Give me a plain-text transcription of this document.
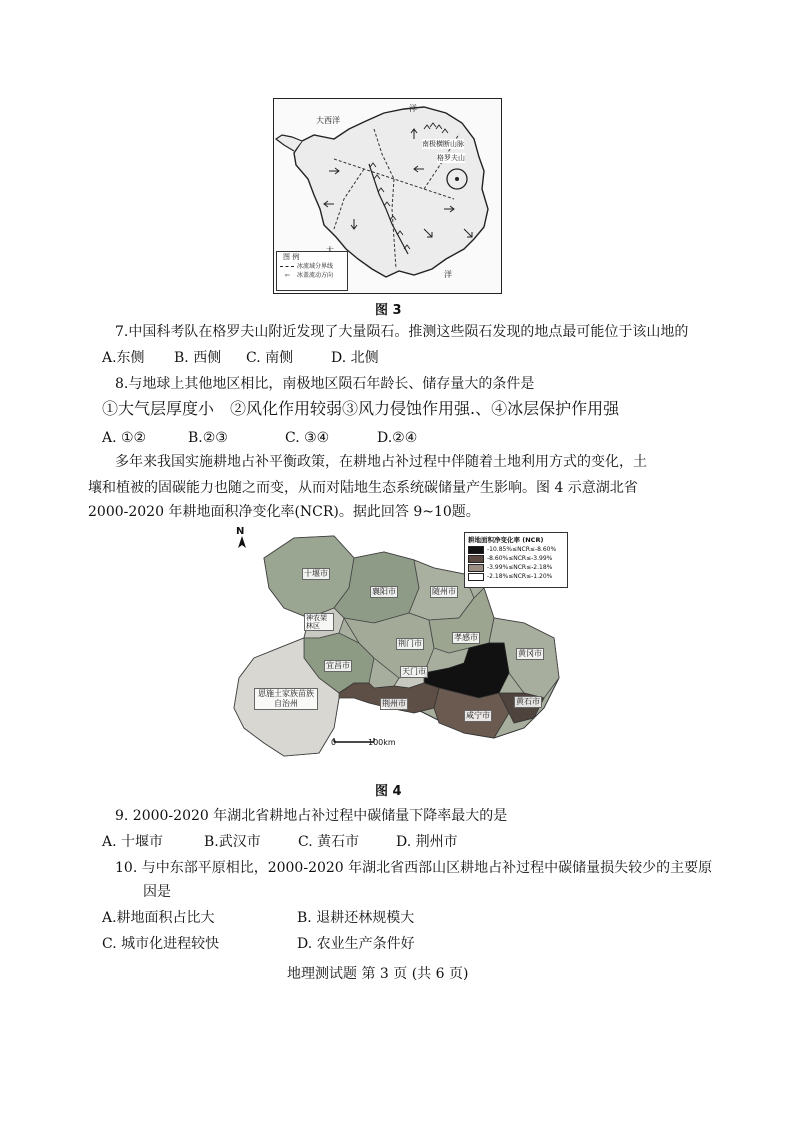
大西洋
洋
洋
格罗夫山
南极横断山脉
图 例
冰流域分界线
⇦ 冰盖流动方向
图 3
7.中国科考队在格罗夫山附近发现了大量陨石。推测这些陨石发现的地点最可能位于该山地的
A.东侧 B. 西侧 C. 南侧	D. 北侧
8.与地球上其他地区相比，南极地区陨石年龄长、储存量大的条件是
①大气层厚度小　②风化作用较弱③风力侵蚀作用强.、④冰层保护作用强
A. ①②	B.②③	C. ③④	D.②④
多年来我国实施耕地占补平衡政策，在耕地占补过程中伴随着土地利用方式的变化，土
壤和植被的固碳能力也随之而变，从而对陆地生态系统碳储量产生影响。图 4 示意湖北省
2000-2020 年耕地面积净变化率(NCR)。据此回答 9~10题。
N
0	100km
耕地面积净变化率 (NCR)
-10.85%≤NCR≤-8.60%
-8.60%≤NCR≤-3.99%
-3.99%≤NCR≤-2.18%
-2.18%≤NCR≤-1.20%
十堰市
襄阳市	随州市
神农架林区
荆门市
孝感市
黄冈市
宜昌市
天门市
恩施土家族苗族自治州	荆州市
咸宁市
黄石市
图 4
9. 2000-2020 年湖北省耕地占补过程中碳储量下降率最大的是
A. 十堰市	B.武汉市	C. 黄石市	D. 荆州市
10. 与中东部平原相比，2000-2020 年湖北省西部山区耕地占补过程中碳储量损失较少的主要原
因是
A.耕地面积占比大	B. 退耕还林规模大
C. 城市化进程较快	D. 农业生产条件好
地理测试题 第 3 页 (共 6 页)
